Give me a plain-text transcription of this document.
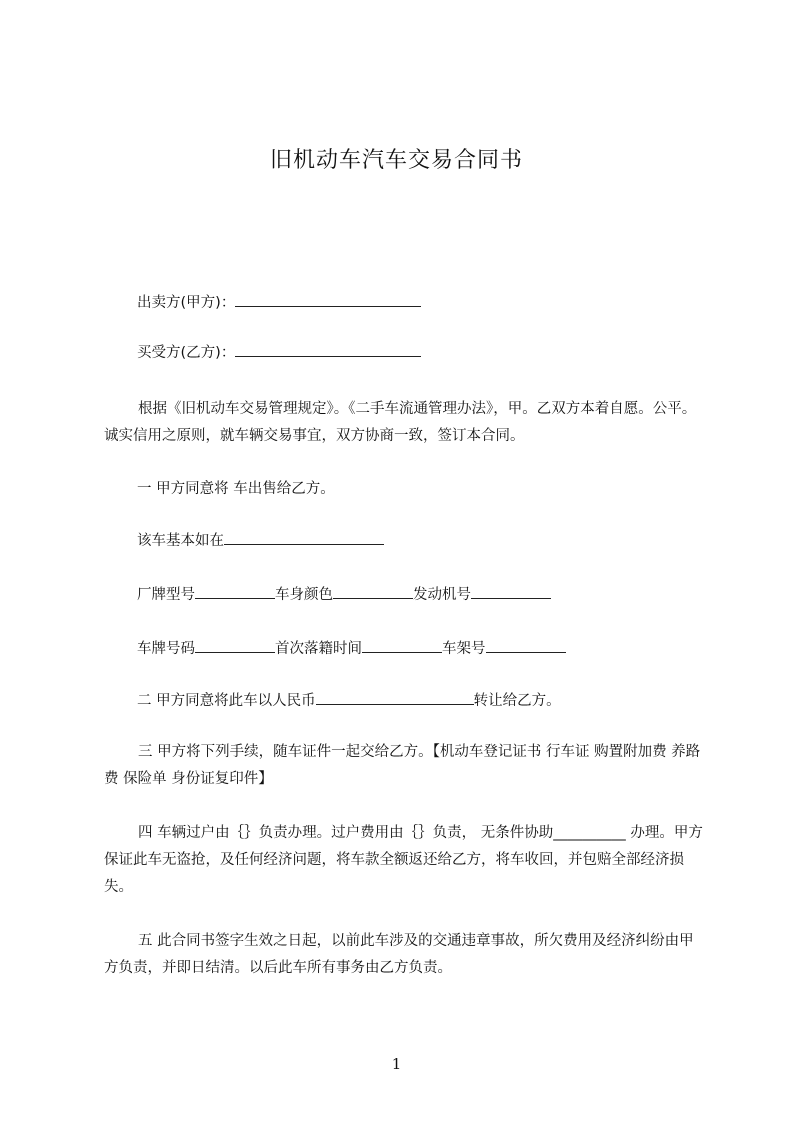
旧机动车汽车交易合同书
出卖方(甲方)：
买受方(乙方)：
根据《旧机动车交易管理规定》。《二手车流通管理办法》，甲。乙双方本着自愿。公平。诚实信用之原则，就车辆交易事宜，双方协商一致，签订本合同。
一 甲方同意将 车出售给乙方。
该车基本如在
厂牌型号	车身颜色	发动机号
车牌号码	首次落籍时间	车架号
二 甲方同意将此车以人民币	转让给乙方。
三 甲方将下列手续，随车证件一起交给乙方。【机动车登记证书 行车证 购置附加费 养路费 保险单 身份证复印件】
四 车辆过户由｛｝负责办理。过户费用由｛｝负责， 无条件协助__________ 办理。甲方保证此车无盗抢，及任何经济问题，将车款全额返还给乙方，将车收回，并包赔全部经济损失。
五 此合同书签字生效之日起，以前此车涉及的交通违章事故，所欠费用及经济纠纷由甲方负责，并即日结清。以后此车所有事务由乙方负责。
1
